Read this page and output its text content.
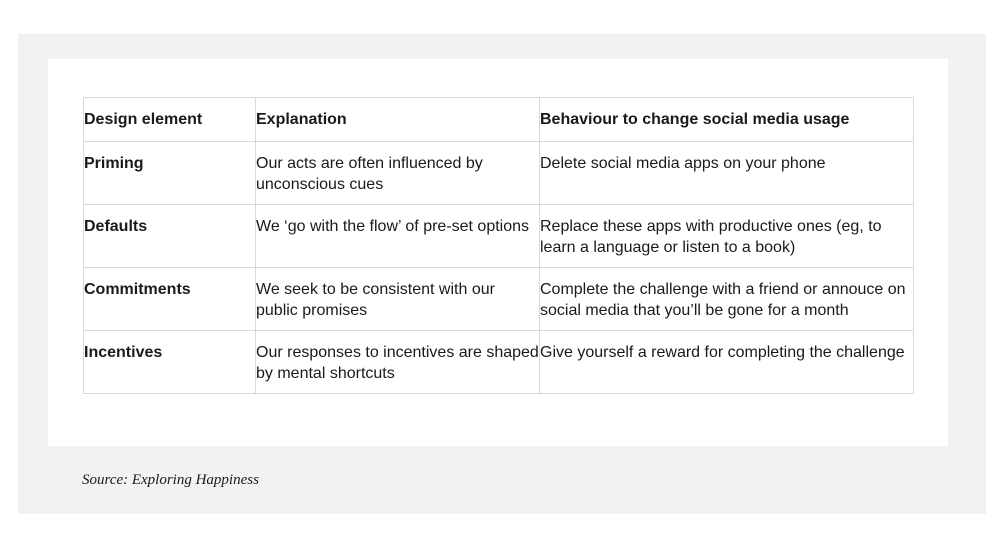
Design element	Explanation	Behaviour to change social media usage
Priming	Our acts are often influenced by unconscious cues	Delete social media apps on your phone
Defaults	We ‘go with the flow’ of pre-set options	Replace these apps with productive ones (eg, to learn a language or listen to a book)
Commitments	We seek to be consistent with our public promises	Complete the challenge with a friend or annouce on social media that you’ll be gone for a month
Incentives	Our responses to incentives are shaped by mental shortcuts	Give yourself a reward for completing the challenge
Source: Exploring Happiness
